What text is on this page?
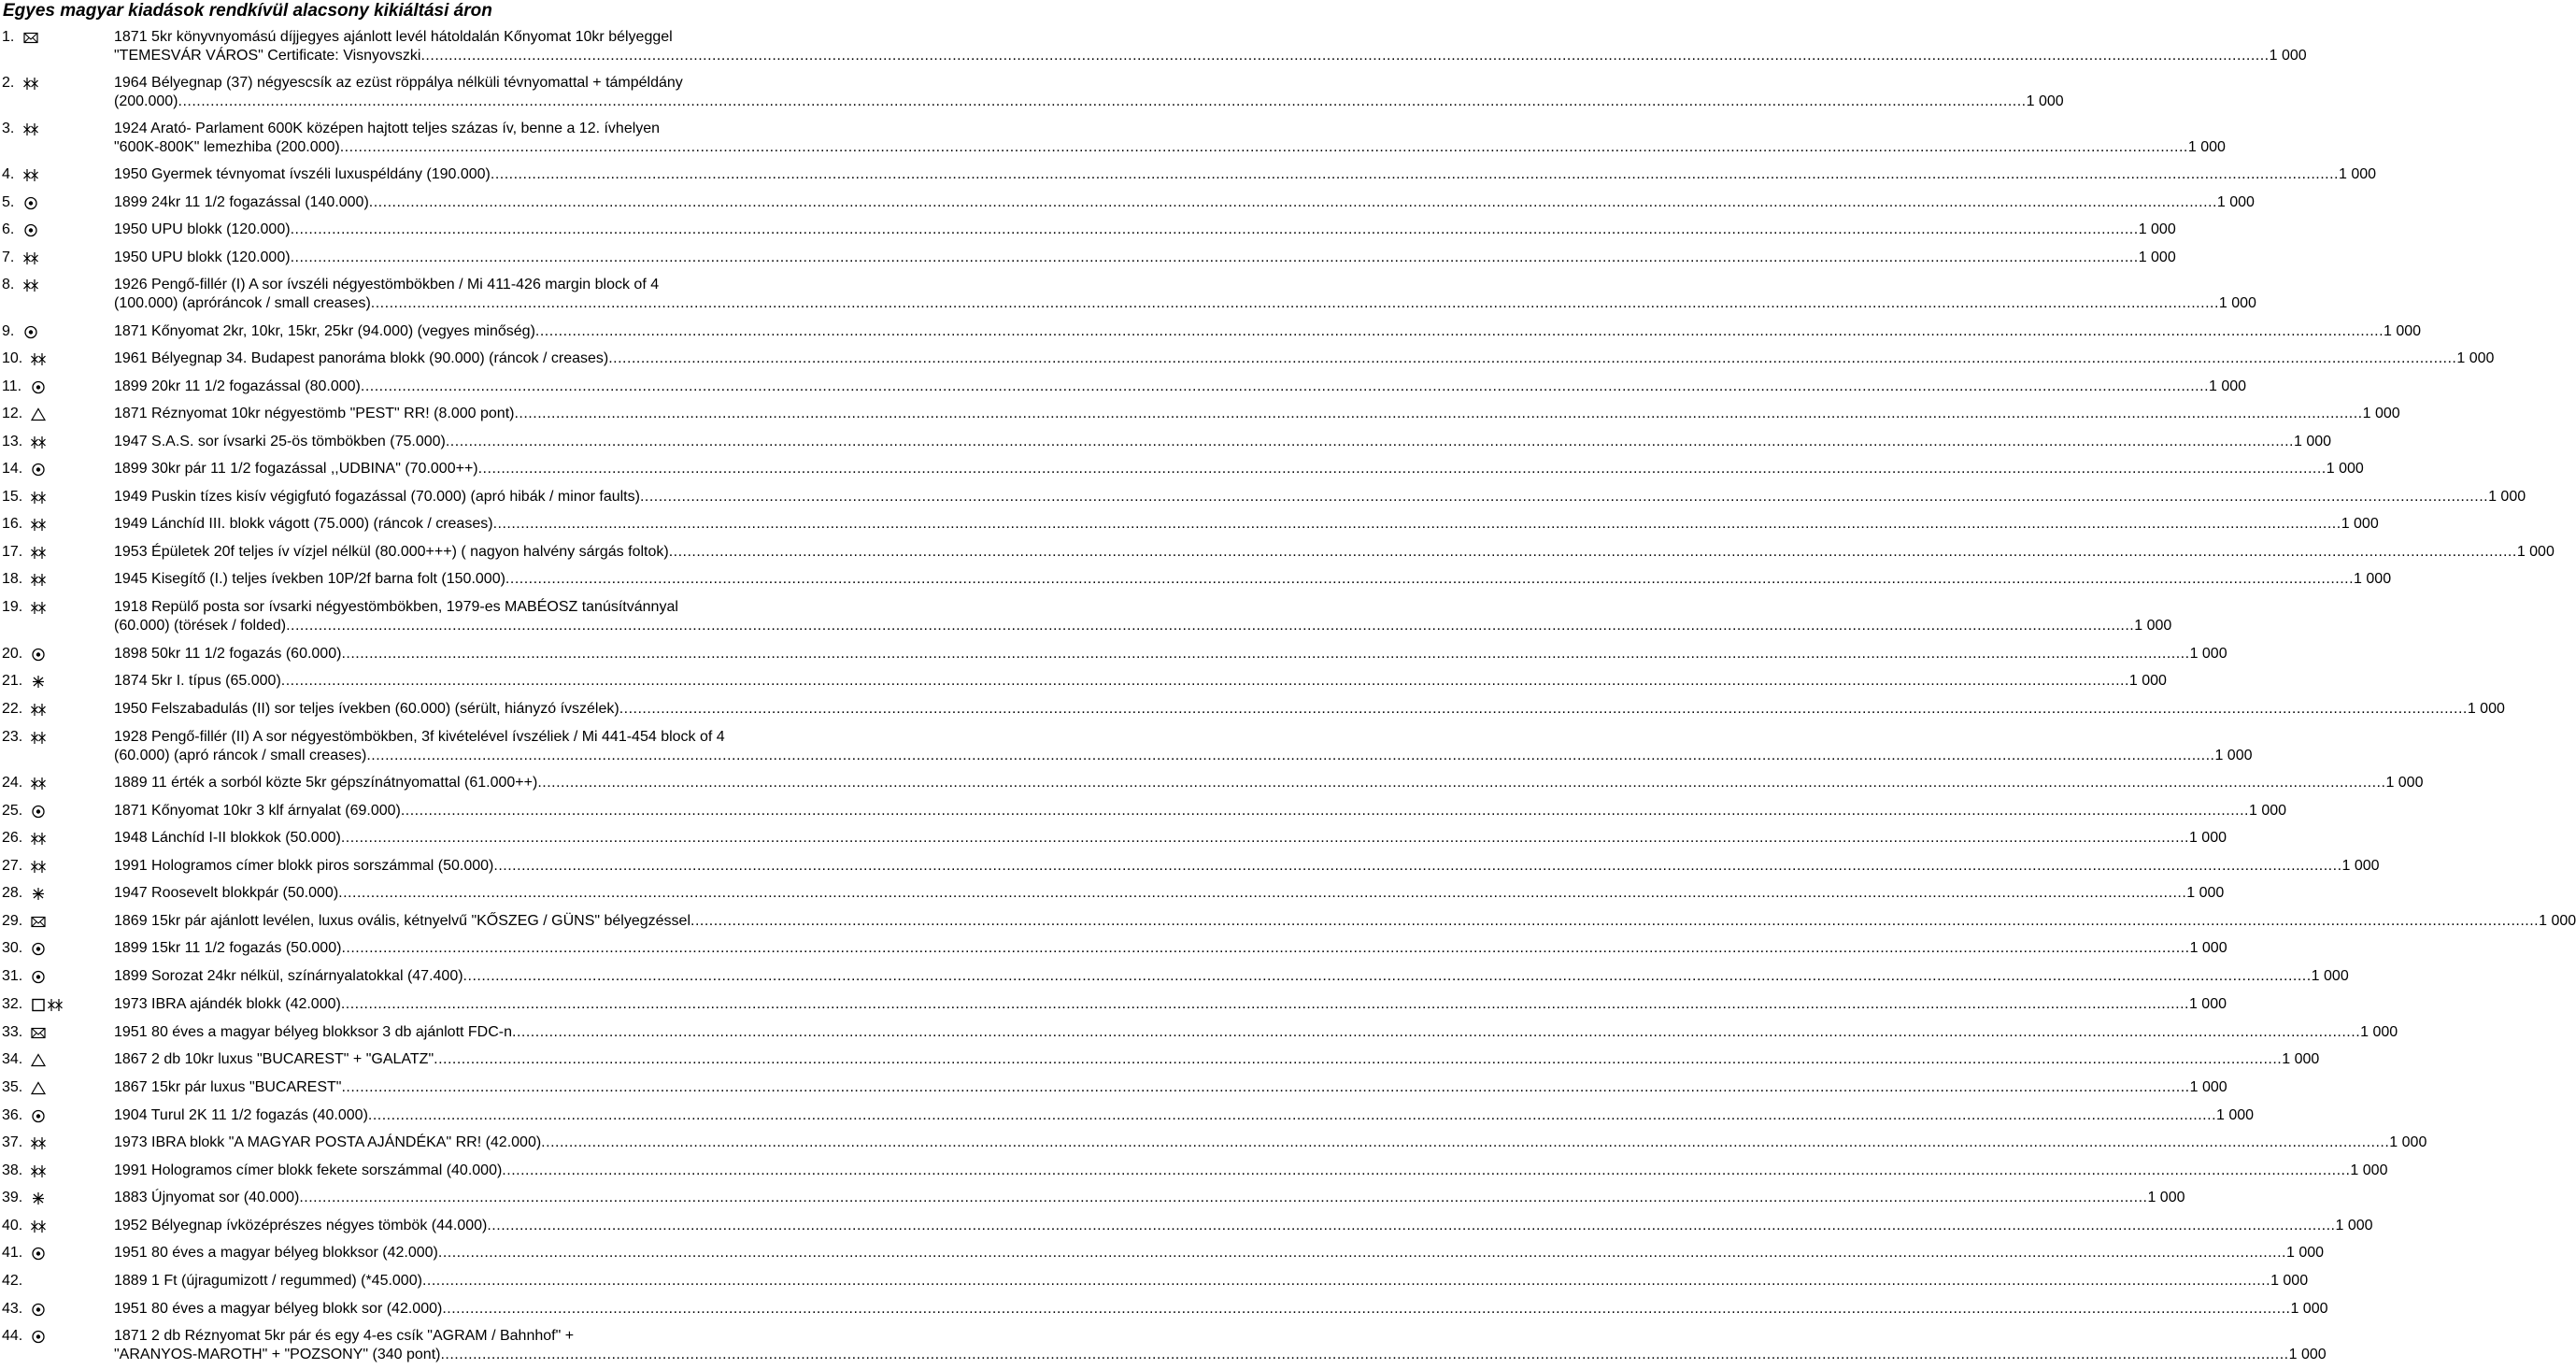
Egyes magyar kiadások rendkívül alacsony kikiáltási áron
1.	1871 5kr könyvnyomású díjjegyes ajánlott levél hátoldalán Kőnyomat 10kr bélyeggel
"TEMESVÁR VÁROS" Certificate: Visnyovszki ................................................................................................................................................................................................................................................................................................................................................................................................................ 1 000
2.	1964 Bélyegnap (37) négyescsík az ezüst röppálya nélküli tévnyomattal + támpéldány
(200.000) ................................................................................................................................................................................................................................................................................................................................................................................................................ 1 000
3.	1924 Arató- Parlament 600K középen hajtott teljes százas ív, benne a 12. ívhelyen
"600K-800K" lemezhiba (200.000) ................................................................................................................................................................................................................................................................................................................................................................................................................ 1 000
4.	1950 Gyermek tévnyomat ívszéli luxuspéldány (190.000) ................................................................................................................................................................................................................................................................................................................................................................................................................ 1 000
5.	1899 24kr 11 1/2 fogazással (140.000) ................................................................................................................................................................................................................................................................................................................................................................................................................ 1 000
6.	1950 UPU blokk (120.000) ................................................................................................................................................................................................................................................................................................................................................................................................................ 1 000
7.	1950 UPU blokk (120.000) ................................................................................................................................................................................................................................................................................................................................................................................................................ 1 000
8.	1926 Pengő-fillér (I) A sor ívszéli négyestömbökben / Mi 411-426 margin block of 4
(100.000) (apróráncok / small creases) ................................................................................................................................................................................................................................................................................................................................................................................................................ 1 000
9.	1871 Kőnyomat 2kr, 10kr, 15kr, 25kr (94.000) (vegyes minőség) ................................................................................................................................................................................................................................................................................................................................................................................................................ 1 000
10.	1961 Bélyegnap 34. Budapest panoráma blokk (90.000) (ráncok / creases) ................................................................................................................................................................................................................................................................................................................................................................................................................ 1 000
11.	1899 20kr 11 1/2 fogazással (80.000) ................................................................................................................................................................................................................................................................................................................................................................................................................ 1 000
12.	1871 Réznyomat 10kr négyestömb "PEST" RR! (8.000 pont) ................................................................................................................................................................................................................................................................................................................................................................................................................ 1 000
13.	1947 S.A.S. sor ívsarki 25-ös tömbökben (75.000) ................................................................................................................................................................................................................................................................................................................................................................................................................ 1 000
14.	1899 30kr pár 11 1/2 fogazással ,,UDBINA" (70.000++) ................................................................................................................................................................................................................................................................................................................................................................................................................ 1 000
15.	1949 Puskin tízes kisív végigfutó fogazással (70.000) (apró hibák / minor faults) ................................................................................................................................................................................................................................................................................................................................................................................................................ 1 000
16.	1949 Lánchíd III. blokk vágott (75.000) (ráncok / creases) ................................................................................................................................................................................................................................................................................................................................................................................................................ 1 000
17.	1953 Épületek 20f teljes ív vízjel nélkül (80.000+++) ( nagyon halvény sárgás foltok) ................................................................................................................................................................................................................................................................................................................................................................................................................ 1 000
18.	1945 Kisegítő (I.) teljes ívekben 10P/2f barna folt (150.000) ................................................................................................................................................................................................................................................................................................................................................................................................................ 1 000
19.	1918 Repülő posta sor ívsarki négyestömbökben, 1979-es MABÉOSZ tanúsítvánnyal
(60.000) (törések / folded) ................................................................................................................................................................................................................................................................................................................................................................................................................ 1 000
20.	1898 50kr 11 1/2 fogazás (60.000) ................................................................................................................................................................................................................................................................................................................................................................................................................ 1 000
21.	1874 5kr I. típus (65.000) ................................................................................................................................................................................................................................................................................................................................................................................................................ 1 000
22.	1950 Felszabadulás (II) sor teljes ívekben (60.000) (sérült, hiányzó ívszélek) ................................................................................................................................................................................................................................................................................................................................................................................................................ 1 000
23.	1928 Pengő-fillér (II) A sor négyestömbökben, 3f kivételével ívszéliek / Mi 441-454 block of 4
(60.000) (apró ráncok / small creases) ................................................................................................................................................................................................................................................................................................................................................................................................................ 1 000
24.	1889 11 érték a sorból közte 5kr gépszínátnyomattal (61.000++) ................................................................................................................................................................................................................................................................................................................................................................................................................ 1 000
25.	1871 Kőnyomat 10kr 3 klf árnyalat (69.000) ................................................................................................................................................................................................................................................................................................................................................................................................................ 1 000
26.	1948 Lánchíd I-II blokkok (50.000) ................................................................................................................................................................................................................................................................................................................................................................................................................ 1 000
27.	1991 Hologramos címer blokk piros sorszámmal (50.000) ................................................................................................................................................................................................................................................................................................................................................................................................................ 1 000
28.	1947 Roosevelt blokkpár (50.000) ................................................................................................................................................................................................................................................................................................................................................................................................................ 1 000
29.	1869 15kr pár ajánlott levélen, luxus ovális, kétnyelvű "KŐSZEG / GÜNS" bélyegzéssel ................................................................................................................................................................................................................................................................................................................................................................................................................ 1 000
30.	1899 15kr 11 1/2 fogazás (50.000) ................................................................................................................................................................................................................................................................................................................................................................................................................ 1 000
31.	1899 Sorozat 24kr nélkül, színárnyalatokkal (47.400) ................................................................................................................................................................................................................................................................................................................................................................................................................ 1 000
32.	1973 IBRA ajándék blokk (42.000) ................................................................................................................................................................................................................................................................................................................................................................................................................ 1 000
33.	1951 80 éves a magyar bélyeg blokksor 3 db ajánlott FDC-n ................................................................................................................................................................................................................................................................................................................................................................................................................ 1 000
34.	1867 2 db 10kr luxus "BUCAREST" + "GALATZ" ................................................................................................................................................................................................................................................................................................................................................................................................................ 1 000
35.	1867 15kr pár luxus "BUCAREST" ................................................................................................................................................................................................................................................................................................................................................................................................................ 1 000
36.	1904 Turul 2K 11 1/2 fogazás (40.000) ................................................................................................................................................................................................................................................................................................................................................................................................................ 1 000
37.	1973 IBRA blokk "A MAGYAR POSTA AJÁNDÉKA" RR! (42.000) ................................................................................................................................................................................................................................................................................................................................................................................................................ 1 000
38.	1991 Hologramos címer blokk fekete sorszámmal (40.000) ................................................................................................................................................................................................................................................................................................................................................................................................................ 1 000
39.	1883 Újnyomat sor (40.000) ................................................................................................................................................................................................................................................................................................................................................................................................................ 1 000
40.	1952 Bélyegnap ívközéprészes négyes tömbök (44.000) ................................................................................................................................................................................................................................................................................................................................................................................................................ 1 000
41.	1951 80 éves a magyar bélyeg blokksor (42.000) ................................................................................................................................................................................................................................................................................................................................................................................................................ 1 000
42.	1889 1 Ft (újragumizott / regummed) (*45.000) ................................................................................................................................................................................................................................................................................................................................................................................................................ 1 000
43.	1951 80 éves a magyar bélyeg blokk sor (42.000) ................................................................................................................................................................................................................................................................................................................................................................................................................ 1 000
44.	1871 2 db Réznyomat 5kr pár és egy 4-es csík "AGRAM / Bahnhof" +
"ARANYOS-MAROTH" + "POZSONY" (340 pont) ................................................................................................................................................................................................................................................................................................................................................................................................................ 1 000
